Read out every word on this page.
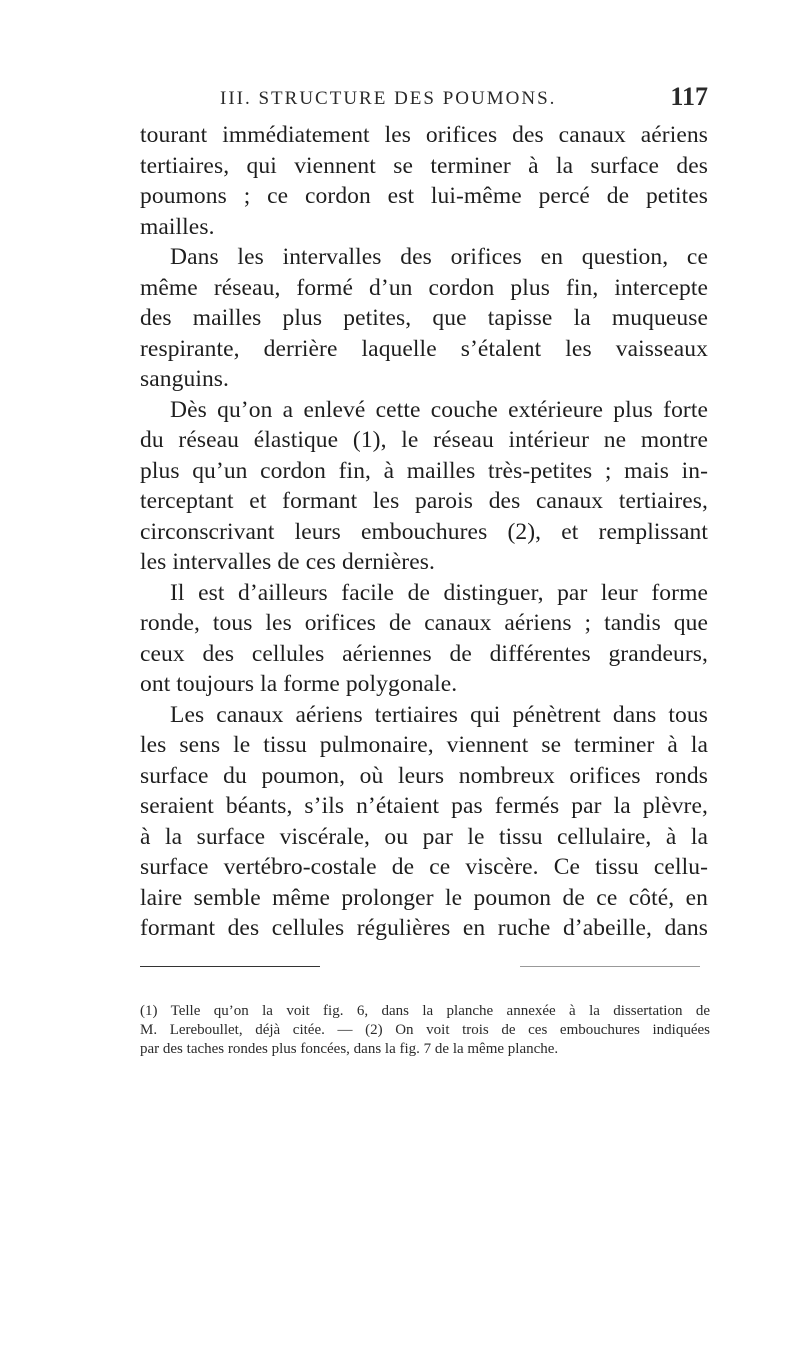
III. STRUCTURE DES POUMONS.	117
tourant immédiatement les orifices des canaux aériens
tertiaires, qui viennent se terminer à la surface des
poumons ; ce cordon est lui-même percé de petites
mailles.
Dans les intervalles des orifices en question, ce
même réseau, formé d’un cordon plus fin, intercepte
des mailles plus petites, que tapisse la muqueuse
respirante, derrière laquelle s’étalent les vaisseaux
sanguins.
Dès qu’on a enlevé cette couche extérieure plus forte
du réseau élastique (1), le réseau intérieur ne montre
plus qu’un cordon fin, à mailles très-petites ; mais in-
terceptant et formant les parois des canaux tertiaires,
circonscrivant leurs embouchures (2), et remplissant
les intervalles de ces dernières.
Il est d’ailleurs facile de distinguer, par leur forme
ronde, tous les orifices de canaux aériens ; tandis que
ceux des cellules aériennes de différentes grandeurs,
ont toujours la forme polygonale.
Les canaux aériens tertiaires qui pénètrent dans tous
les sens le tissu pulmonaire, viennent se terminer à la
surface du poumon, où leurs nombreux orifices ronds
seraient béants, s’ils n’étaient pas fermés par la plèvre,
à la surface viscérale, ou par le tissu cellulaire, à la
surface vertébro-costale de ce viscère. Ce tissu cellu-
laire semble même prolonger le poumon de ce côté, en
formant des cellules régulières en ruche d’abeille, dans
(1) Telle qu’on la voit fig. 6, dans la planche annexée à la dissertation de
M. Lereboullet, déjà citée. — (2) On voit trois de ces embouchures indiquées
par des taches rondes plus foncées, dans la fig. 7 de la même planche.
